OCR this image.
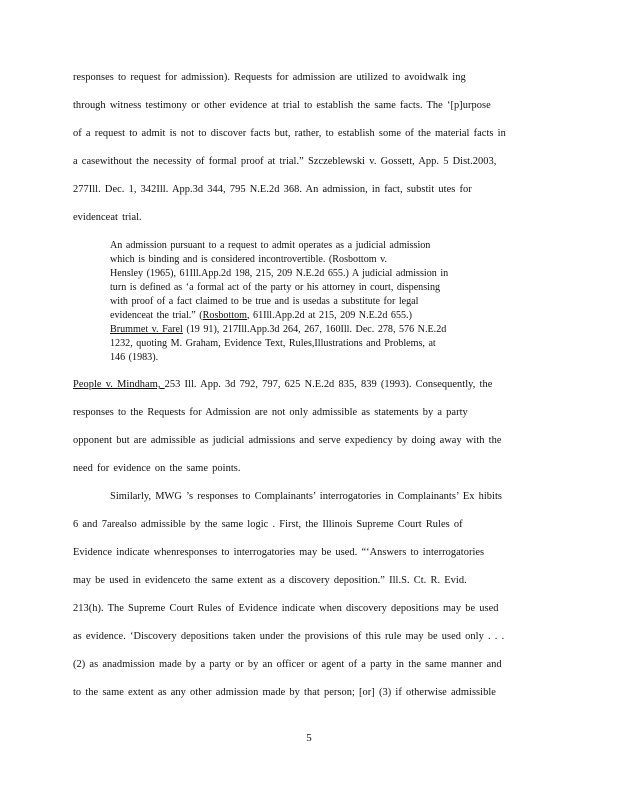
responses to request for admission). Requests for admission are utilized to avoidwalk ing
through witness testimony or other evidence at trial to establish the same facts. The ‘[p]urpose
of a request to admit is not to discover facts but, rather, to establish some of the material facts in
a casewithout the necessity of formal proof at trial.” Szczeblewski v. Gossett, App. 5 Dist.2003,
277Ill. Dec. 1, 342Ill. App.3d 344, 795 N.E.2d 368. An admission, in fact, substit utes for
evidenceat trial.
An admission pursuant to a request to admit operates as a judicial admission
which is binding and is considered incontrovertible. (Rosbottom v.
Hensley (1965), 61Ill.App.2d 198, 215, 209 N.E.2d 655.) A judicial admission in
turn is defined as ‘a formal act of the party or his attorney in court, dispensing
with proof of a fact claimed to be true and is usedas a substitute for legal
evidenceat the trial.” (Rosbottom, 61Ill.App.2d at 215, 209 N.E.2d 655.)
Brummet v. Farel (19 91), 217Ill.App.3d 264, 267, 160Ill. Dec. 278, 576 N.E.2d
1232, quoting M. Graham, Evidence Text, Rules,Illustrations and Problems, at
146 (1983).
People v. Mindham, 253 Ill. App. 3d 792, 797, 625 N.E.2d 835, 839 (1993). Consequently, the
responses to the Requests for Admission are not only admissible as statements by a party
opponent but are admissible as judicial admissions and serve expediency by doing away with the
need for evidence on the same points.
Similarly, MWG ’s responses to Complainants’ interrogatories in Complainants’ Ex hibits
6 and 7arealso admissible by the same logic . First, the Illinois Supreme Court Rules of
Evidence indicate whenresponses to interrogatories may be used. “‘Answers to interrogatories
may be used in evidenceto the same extent as a discovery deposition.” Ill.S. Ct. R. Evid.
213(h). The Supreme Court Rules of Evidence indicate when discovery depositions may be used
as evidence. ‘Discovery depositions taken under the provisions of this rule may be used only . . .
(2) as anadmission made by a party or by an officer or agent of a party in the same manner and
to the same extent as any other admission made by that person; [or] (3) if otherwise admissible
5
